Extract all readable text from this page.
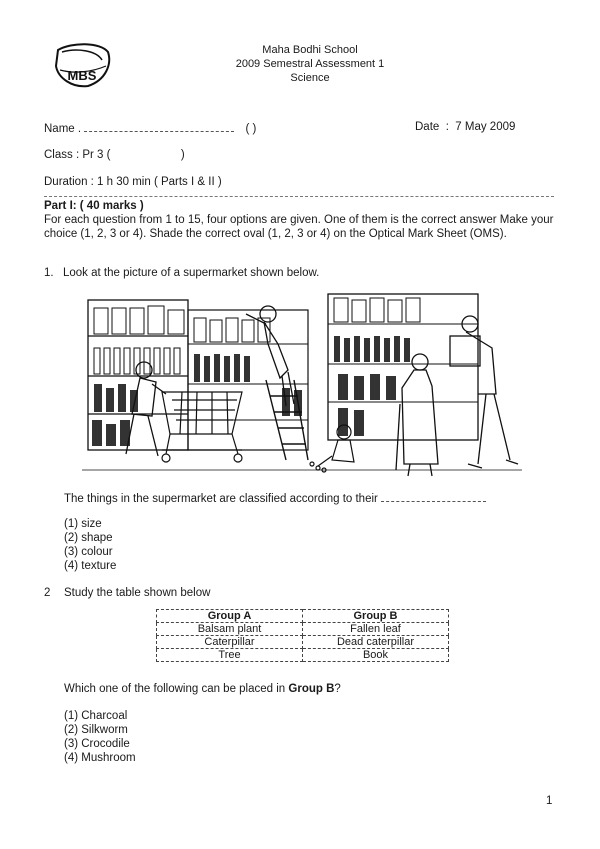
MBS
Maha Bodhi School
2009 Semestral Assessment 1
Science
Name .	( )	Date  :  7 May 2009
Class : Pr 3 (	)
Duration : 1 h 30 min ( Parts I & II )
Part I: ( 40 marks )
For each question from 1 to 15, four options are given. One of them is the correct answer Make your choice (1, 2, 3 or 4). Shade the correct oval (1, 2, 3 or 4) on the Optical Mark Sheet (OMS).
1. Look at the picture of a supermarket shown below.
The things in the supermarket are classified according to their
(1) size
(2) shape
(3) colour
(4) texture
2 Study the table shown below
Group A	Group B
Balsam plant	Fallen leaf
Caterpillar	Dead caterpillar
Tree	Book
Which one of the following can be placed in Group B?
(1) Charcoal
(2) Silkworm
(3) Crocodile
(4) Mushroom
1
